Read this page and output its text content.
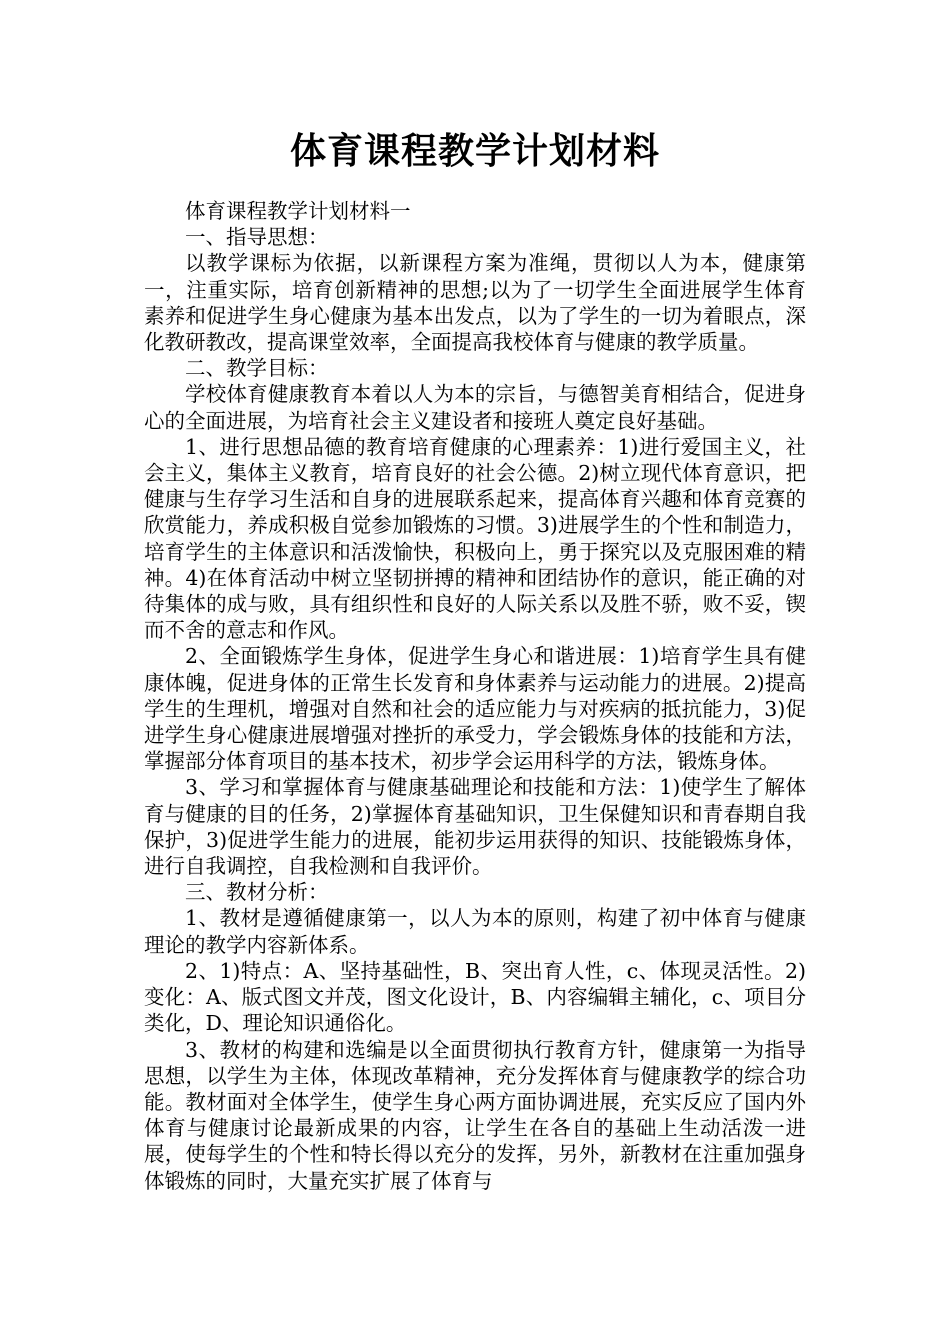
体育课程教学计划材料

体育课程教学计划材料一

一、指导思想：

以教学课标为依据，以新课程方案为准绳，贯彻以人为本，健康第一，注重实际，培育创新精神的思想;以为了一切学生全面进展学生体育素养和促进学生身心健康为基本出发点，以为了学生的一切为着眼点，深化教研教改，提高课堂效率，全面提高我校体育与健康的教学质量。

二、教学目标：

学校体育健康教育本着以人为本的宗旨，与德智美育相结合，促进身心的全面进展，为培育社会主义建设者和接班人奠定良好基础。

1、进行思想品德的教育培育健康的心理素养：1)进行爱国主义，社会主义，集体主义教育，培育良好的社会公德。2)树立现代体育意识，把健康与生存学习生活和自身的进展联系起来，提高体育兴趣和体育竞赛的欣赏能力，养成积极自觉参加锻炼的习惯。3)进展学生的个性和制造力，培育学生的主体意识和活泼愉快，积极向上，勇于探究以及克服困难的精神。4)在体育活动中树立坚韧拼搏的精神和团结协作的意识，能正确的对待集体的成与败，具有组织性和良好的人际关系以及胜不骄，败不妥，锲而不舍的意志和作风。

2、全面锻炼学生身体，促进学生身心和谐进展：1)培育学生具有健康体魄，促进身体的正常生长发育和身体素养与运动能力的进展。2)提高学生的生理机，增强对自然和社会的适应能力与对疾病的抵抗能力，3)促进学生身心健康进展增强对挫折的承受力，学会锻炼身体的技能和方法，掌握部分体育项目的基本技术，初步学会运用科学的方法，锻炼身体。

3、学习和掌握体育与健康基础理论和技能和方法：1)使学生了解体育与健康的目的任务，2)掌握体育基础知识，卫生保健知识和青春期自我保护，3)促进学生能力的进展，能初步运用获得的知识、技能锻炼身体，进行自我调控，自我检测和自我评价。

三、教材分析：

1、教材是遵循健康第一，以人为本的原则，构建了初中体育与健康理论的教学内容新体系。

2、1)特点：A、坚持基础性，B、突出育人性，c、体现灵活性。2)变化：A、版式图文并茂，图文化设计，B、内容编辑主辅化，c、项目分类化，D、理论知识通俗化。

3、教材的构建和选编是以全面贯彻执行教育方针，健康第一为指导思想，以学生为主体，体现改革精神，充分发挥体育与健康教学的综合功能。教材面对全体学生，使学生身心两方面协调进展，充实反应了国内外体育与健康讨论最新成果的内容，让学生在各自的基础上生动活泼一进展，使每学生的个性和特长得以充分的发挥，另外，新教材在注重加强身体锻炼的同时，大量充实扩展了体育与
